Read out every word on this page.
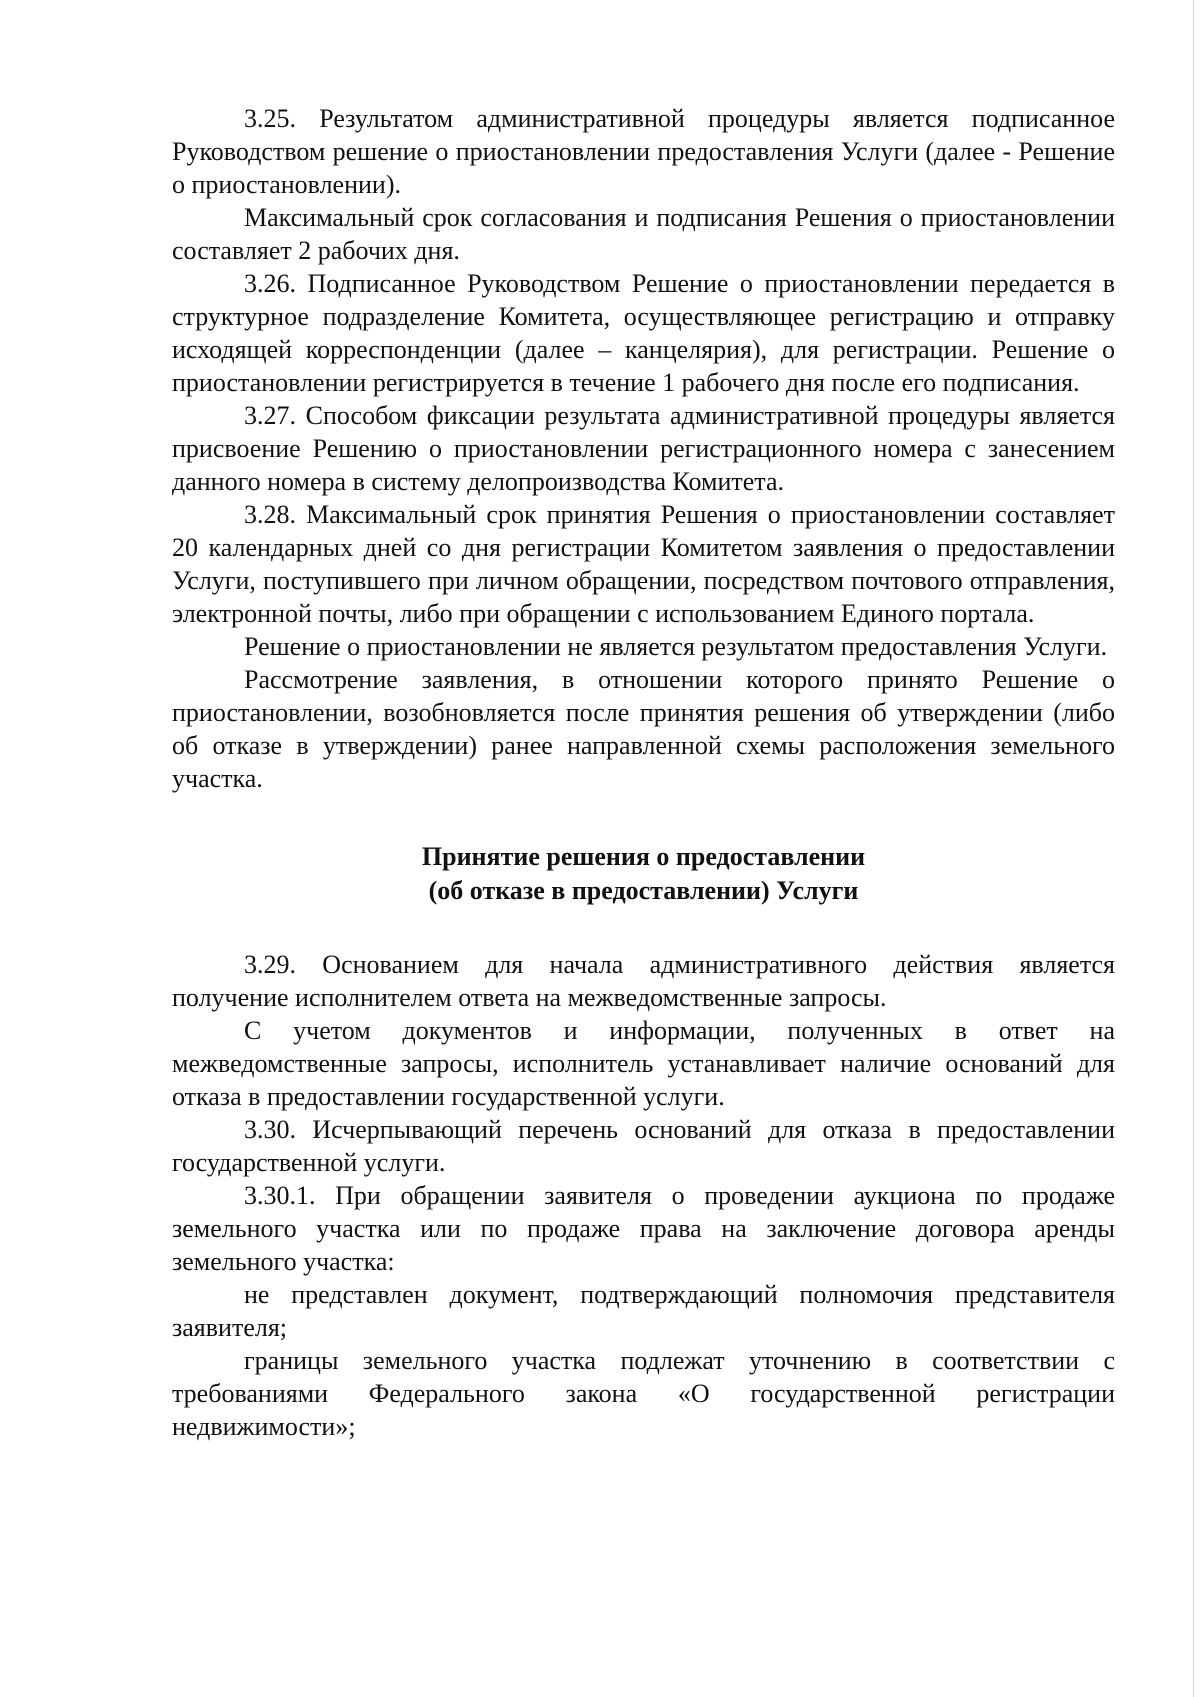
3.25. Результатом административной процедуры является подписанное Руководством решение о приостановлении предоставления Услуги (далее - Решение о приостановлении).

Максимальный срок согласования и подписания Решения о приостановлении составляет 2 рабочих дня.

3.26. Подписанное Руководством Решение о приостановлении передается в структурное подразделение Комитета, осуществляющее регистрацию и отправку исходящей корреспонденции (далее – канцелярия), для регистрации. Решение о приостановлении регистрируется в течение 1 рабочего дня после его подписания.

3.27. Способом фиксации результата административной процедуры является присвоение Решению о приостановлении регистрационного номера с занесением данного номера в систему делопроизводства Комитета.

3.28. Максимальный срок принятия Решения о приостановлении составляет 20 календарных дней со дня регистрации Комитетом заявления о предоставлении Услуги, поступившего при личном обращении, посредством почтового отправления, электронной почты, либо при обращении с использованием Единого портала.

Решение о приостановлении не является результатом предоставления Услуги.

Рассмотрение заявления, в отношении которого принято Решение о приостановлении, возобновляется после принятия решения об утверждении (либо об отказе в утверждении) ранее направленной схемы расположения земельного участка.

Принятие решения о предоставлении
(об отказе в предоставлении) Услуги

3.29. Основанием для начала административного действия является получение исполнителем ответа на межведомственные запросы.

С учетом документов и информации, полученных в ответ на межведомственные запросы, исполнитель устанавливает наличие оснований для отказа в предоставлении государственной услуги.

3.30. Исчерпывающий перечень оснований для отказа в предоставлении государственной услуги.

3.30.1. При обращении заявителя о проведении аукциона по продаже земельного участка или по продаже права на заключение договора аренды земельного участка:

не представлен документ, подтверждающий полномочия представителя заявителя;

границы земельного участка подлежат уточнению в соответствии с требованиями Федерального закона «О государственной регистрации недвижимости»;
